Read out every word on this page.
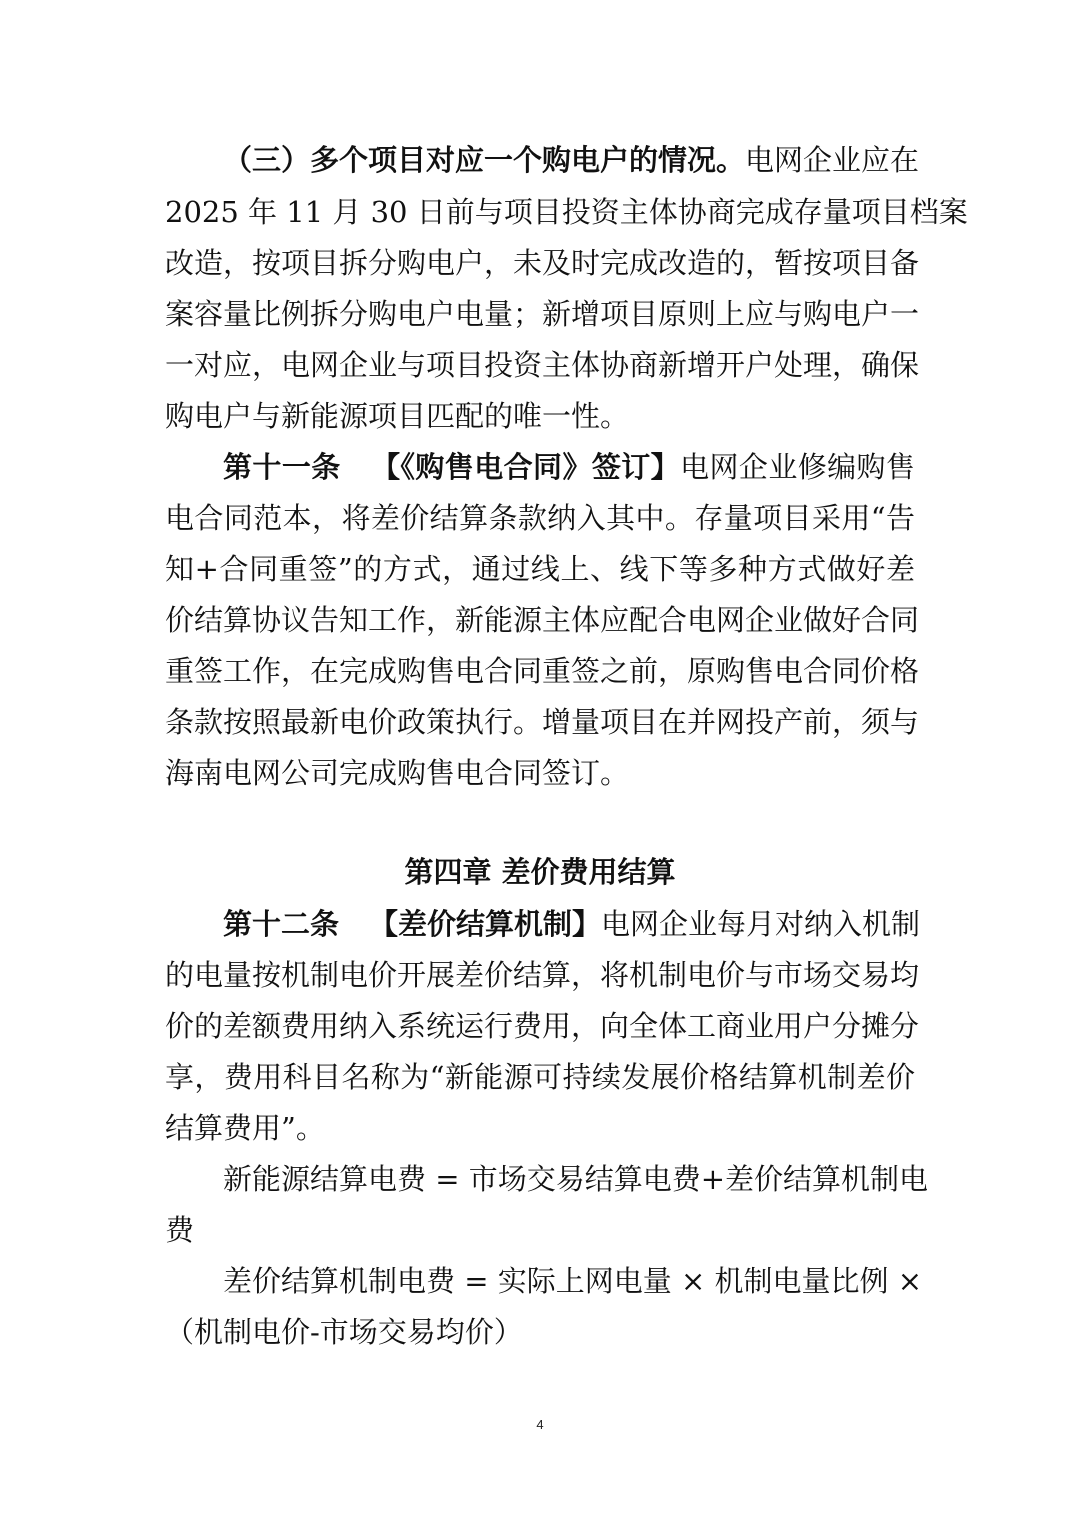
（三）多个项目对应一个购电户的情况。电网企业应在
2025 年 11 月 30 日前与项目投资主体协商完成存量项目档案
改造，按项目拆分购电户，未及时完成改造的，暂按项目备
案容量比例拆分购电户电量；新增项目原则上应与购电户一
一对应，电网企业与项目投资主体协商新增开户处理，确保
购电户与新能源项目匹配的唯一性。
第十一条 【《购售电合同》签订】电网企业修编购售
电合同范本，将差价结算条款纳入其中。存量项目采用“告
知+合同重签”的方式，通过线上、线下等多种方式做好差
价结算协议告知工作，新能源主体应配合电网企业做好合同
重签工作，在完成购售电合同重签之前，原购售电合同价格
条款按照最新电价政策执行。增量项目在并网投产前，须与
海南电网公司完成购售电合同签订。
第四章 差价费用结算
第十二条 【差价结算机制】电网企业每月对纳入机制
的电量按机制电价开展差价结算，将机制电价与市场交易均
价的差额费用纳入系统运行费用，向全体工商业用户分摊分
享，费用科目名称为“新能源可持续发展价格结算机制差价
结算费用”。
新能源结算电费 = 市场交易结算电费+差价结算机制电
费
差价结算机制电费 = 实际上网电量 × 机制电量比例 ×
（机制电价-市场交易均价）
4
